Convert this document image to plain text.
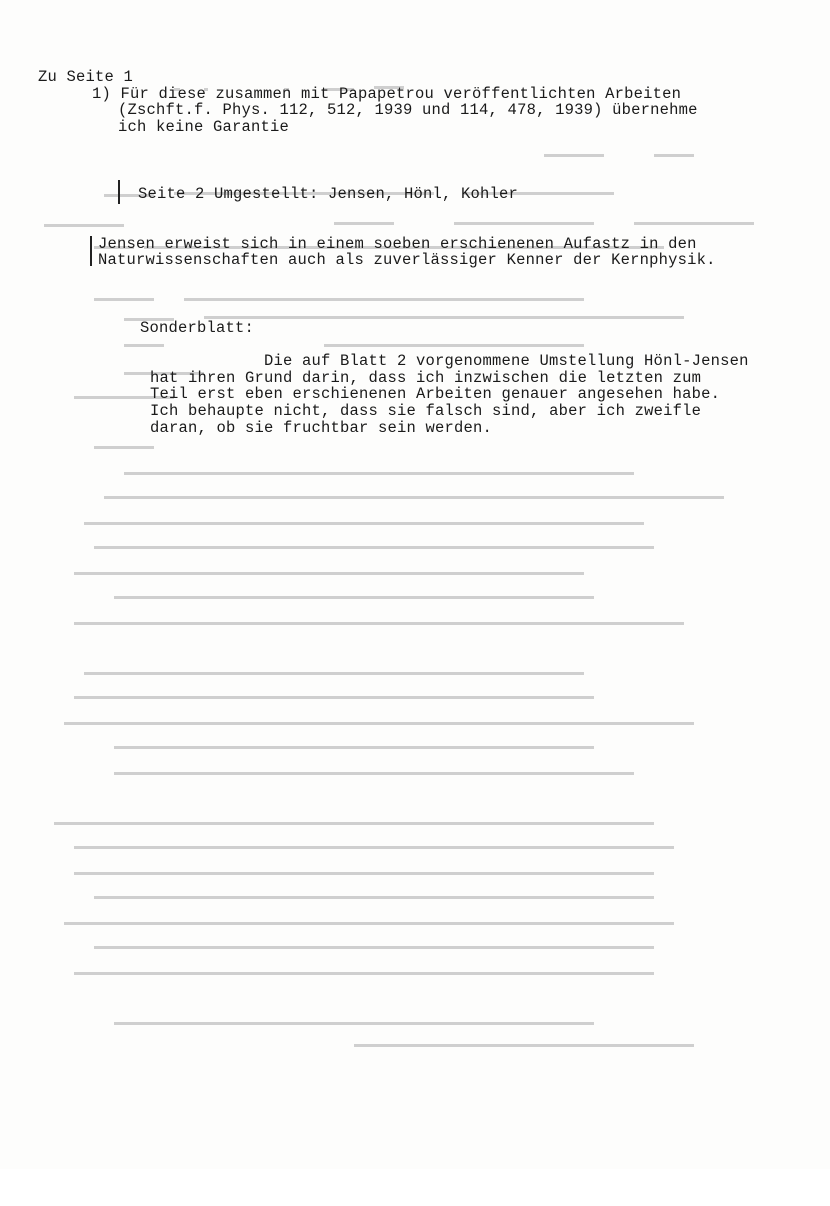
Zu Seite 1
1) Für diese zusammen mit Papapetrou veröffentlichten Arbeiten
(Zschft.f. Phys. 112, 512, 1939 und 114, 478, 1939) übernehme
ich keine Garantie
Seite 2 Umgestellt: Jensen, Hönl, Kohler
Jensen erweist sich in einem soeben erschienenen Aufastz in den
Naturwissenschaften auch als zuverlässiger Kenner der Kernphysik.
Sonderblatt:
Die auf Blatt 2 vorgenommene Umstellung Hönl-Jensen
hat ihren Grund darin, dass ich inzwischen die letzten zum
Teil erst eben erschienenen Arbeiten genauer angesehen habe.
Ich behaupte nicht, dass sie falsch sind, aber ich zweifle
daran, ob sie fruchtbar sein werden.
